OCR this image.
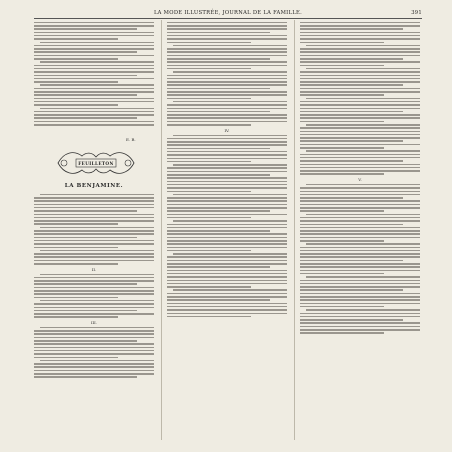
LA MODE ILLUSTRÉE, JOURNAL DE LA FAMILLE.	391
E. B.
FEUILLETON
LA BENJAMINE.
II.
III.
IV.
V.
